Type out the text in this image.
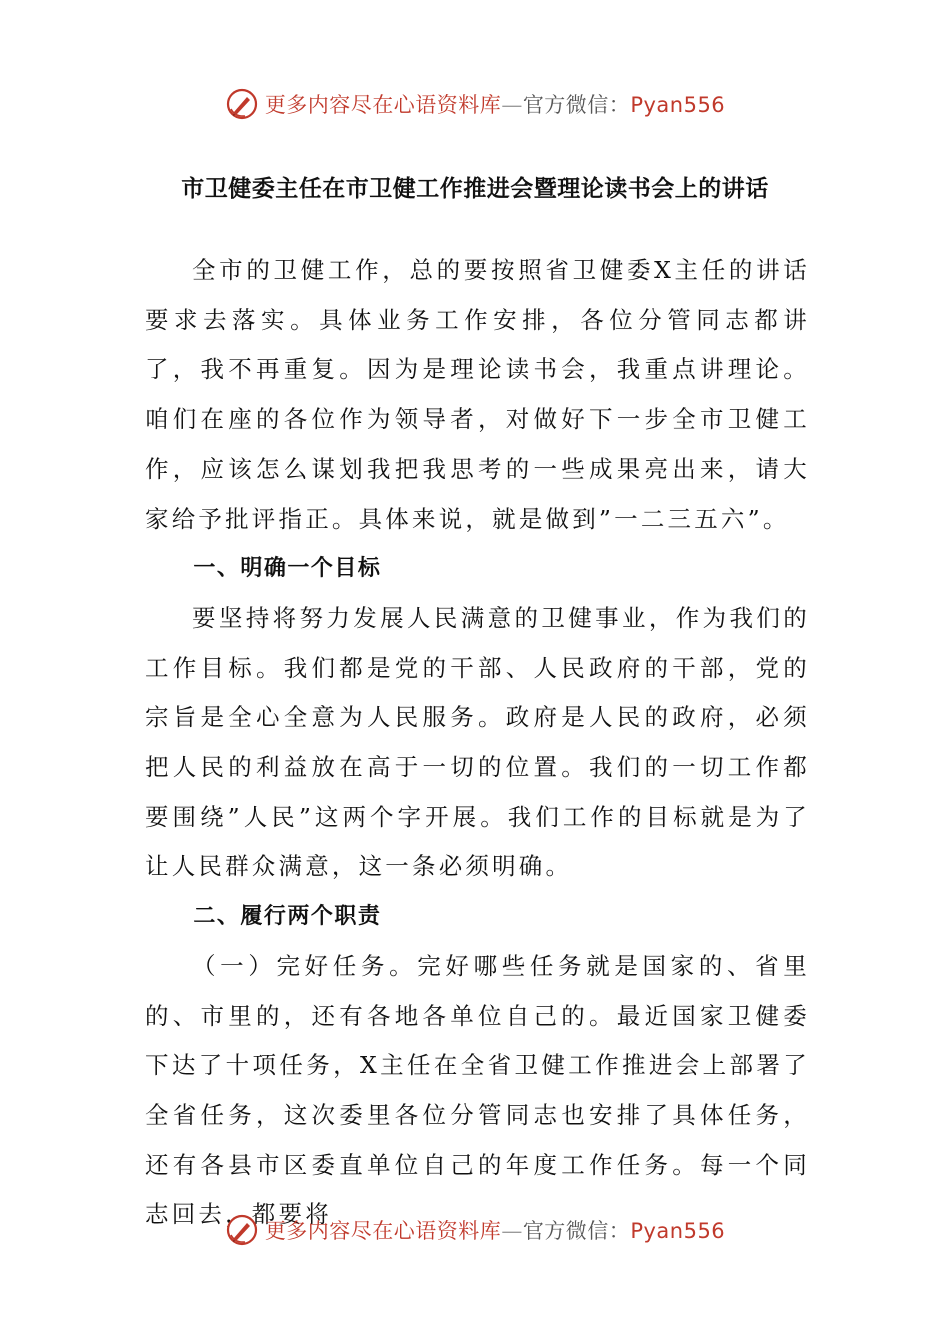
更多内容尽在心语资料库—官方微信：Pyan556
市卫健委主任在市卫健工作推进会暨理论读书会上的讲话

全市的卫健工作，总的要按照省卫健委X主任的讲话要求去落实。具体业务工作安排，各位分管同志都讲了，我不再重复。因为是理论读书会，我重点讲理论。咱们在座的各位作为领导者，对做好下一步全市卫健工作，应该怎么谋划我把我思考的一些成果亮出来，请大家给予批评指正。具体来说，就是做到”一二三五六”。

一、明确一个目标

要坚持将努力发展人民满意的卫健事业，作为我们的工作目标。我们都是党的干部、人民政府的干部，党的宗旨是全心全意为人民服务。政府是人民的政府，必须把人民的利益放在高于一切的位置。我们的一切工作都要围绕”人民”这两个字开展。我们工作的目标就是为了让人民群众满意，这一条必须明确。

二、履行两个职责

（一）完好任务。完好哪些任务就是国家的、省里的、市里的，还有各地各单位自己的。最近国家卫健委下达了十项任务，X主任在全省卫健工作推进会上部署了全省任务，这次委里各位分管同志也安排了具体任务，还有各县市区委直单位自己的年度工作任务。每一个同志回去，都要将

更多内容尽在心语资料库—官方微信：Pyan556
